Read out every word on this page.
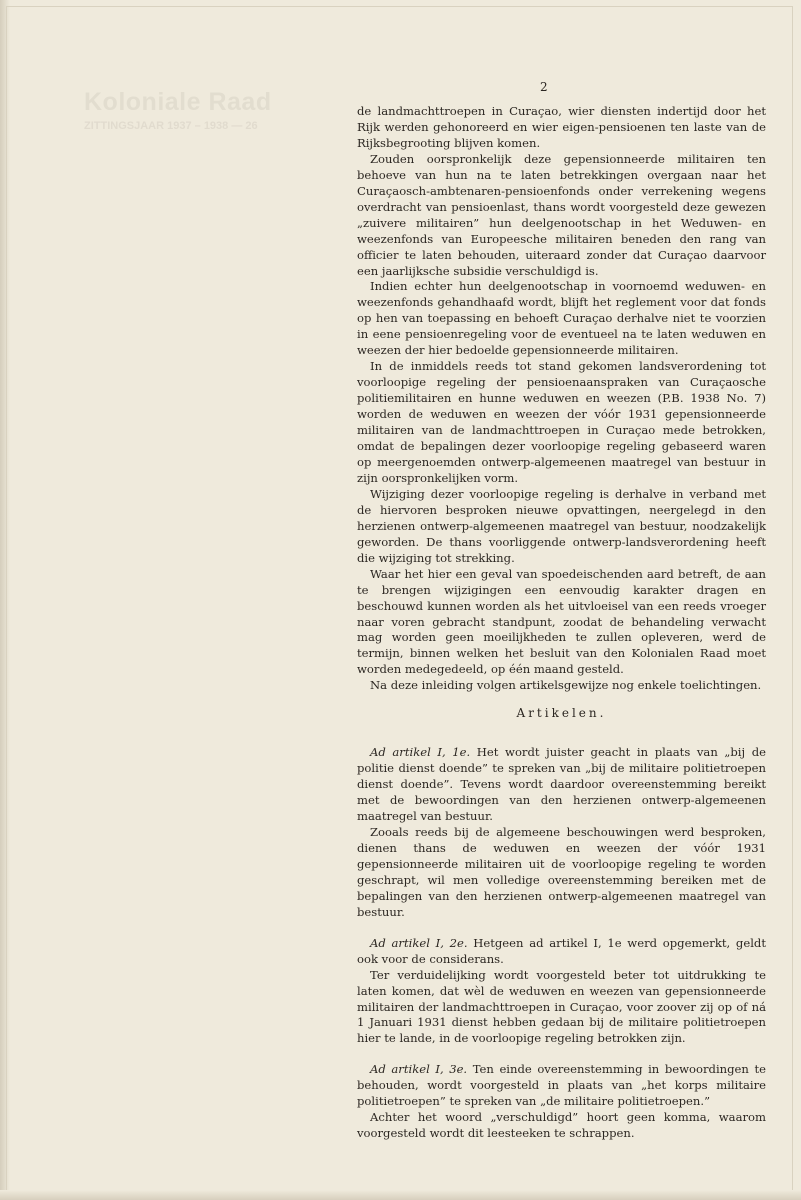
Koloniale Raad
ZITTINGSJAAR 1937 – 1938 — 26
2

de landmachttroepen in Curaçao, wier diensten indertijd door het Rijk werden gehonoreerd en wier eigen-pensioenen ten laste van de Rijksbegrooting blijven komen.

Zouden oorspronkelijk deze gepensionneerde militairen ten behoeve van hun na te laten betrekkingen overgaan naar het Curaçaosch-ambtenaren-pensioenfonds onder verrekening wegens overdracht van pensioenlast, thans wordt voorgesteld deze gewezen „zuivere militairen” hun deelgenootschap in het Weduwen- en weezenfonds van Europeesche militairen beneden den rang van officier te laten behouden, uiteraard zonder dat Curaçao daarvoor een jaarlijksche subsidie verschuldigd is.

Indien echter hun deelgenootschap in voornoemd weduwen- en weezenfonds gehandhaafd wordt, blijft het reglement voor dat fonds op hen van toepassing en behoeft Curaçao derhalve niet te voorzien in eene pensioenregeling voor de eventueel na te laten weduwen en weezen der hier bedoelde gepensionneerde militairen.

In de inmiddels reeds tot stand gekomen landsverordening tot voorloopige regeling der pensioenaanspraken van Curaçaosche politiemilitairen en hunne weduwen en weezen (P.B. 1938 No. 7) worden de weduwen en weezen der vóór 1931 gepensionneerde militairen van de landmachttroepen in Curaçao mede betrokken, omdat de bepalingen dezer voorloopige regeling gebaseerd waren op meergenoemden ontwerp-algemeenen maatregel van bestuur in zijn oorspronkelijken vorm.

Wijziging dezer voorloopige regeling is derhalve in verband met de hiervoren besproken nieuwe opvattingen, neergelegd in den herzienen ontwerp-algemeenen maatregel van bestuur, noodzakelijk geworden. De thans voorliggende ontwerp-landsverordening heeft die wijziging tot strekking.

Waar het hier een geval van spoedeischenden aard betreft, de aan te brengen wijzigingen een eenvoudig karakter dragen en beschouwd kunnen worden als het uitvloeisel van een reeds vroeger naar voren gebracht standpunt, zoodat de behandeling verwacht mag worden geen moeilijkheden te zullen opleveren, werd de termijn, binnen welken het besluit van den Kolonialen Raad moet worden medegedeeld, op één maand gesteld.

Na deze inleiding volgen artikelsgewijze nog enkele toelichtingen.

Artikelen.

Ad artikel I, 1e. Het wordt juister geacht in plaats van „bij de politie dienst doende” te spreken van „bij de militaire politietroepen dienst doende”. Tevens wordt daardoor overeenstemming bereikt met de bewoordingen van den herzienen ontwerp-algemeenen maatregel van bestuur.

Zooals reeds bij de algemeene beschouwingen werd besproken, dienen thans de weduwen en weezen der vóór 1931 gepensionneerde militairen uit de voorloopige regeling te worden geschrapt, wil men volledige overeenstemming bereiken met de bepalingen van den herzienen ontwerp-algemeenen maatregel van bestuur.

Ad artikel I, 2e. Hetgeen ad artikel I, 1e werd opgemerkt, geldt ook voor de considerans.

Ter verduidelijking wordt voorgesteld beter tot uitdrukking te laten komen, dat wèl de weduwen en weezen van gepensionneerde militairen der landmachttroepen in Curaçao, voor zoover zij op of ná 1 Januari 1931 dienst hebben gedaan bij de militaire politietroepen hier te lande, in de voorloopige regeling betrokken zijn.

Ad artikel I, 3e. Ten einde overeenstemming in bewoordingen te behouden, wordt voorgesteld in plaats van „het korps militaire politietroepen” te spreken van „de militaire politietroepen.”

Achter het woord „verschuldigd” hoort geen komma, waarom voorgesteld wordt dit leesteeken te schrappen.
